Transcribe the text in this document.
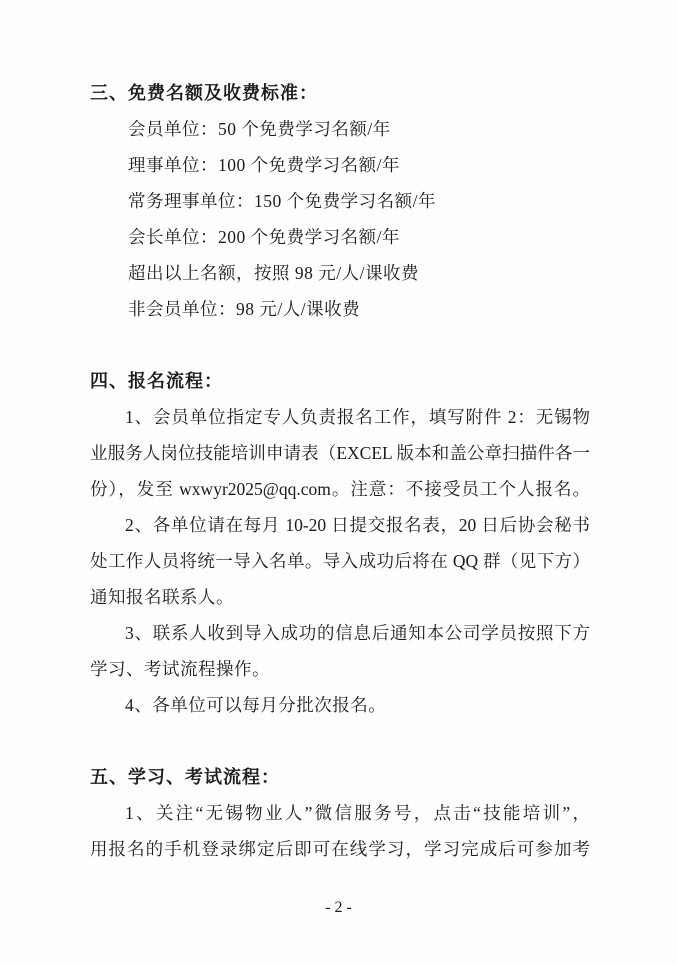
三、免费名额及收费标准：
会员单位：50 个免费学习名额/年
理事单位：100 个免费学习名额/年
常务理事单位：150 个免费学习名额/年
会长单位：200 个免费学习名额/年
超出以上名额，按照 98 元/人/课收费
非会员单位：98 元/人/课收费
四、报名流程：
1、会员单位指定专人负责报名工作，填写附件 2：无锡物
业服务人岗位技能培训申请表（EXCEL 版本和盖公章扫描件各一
份），发至 wxwyr2025@qq.com。注意：不接受员工个人报名。
2、各单位请在每月 10-20 日提交报名表，20 日后协会秘书
处工作人员将统一导入名单。导入成功后将在 QQ 群（见下方）
通知报名联系人。
3、联系人收到导入成功的信息后通知本公司学员按照下方
学习、考试流程操作。
4、各单位可以每月分批次报名。
五、学习、考试流程：
1、关注“无锡物业人”微信服务号，点击“技能培训”，
用报名的手机登录绑定后即可在线学习，学习完成后可参加考
- 2 -
